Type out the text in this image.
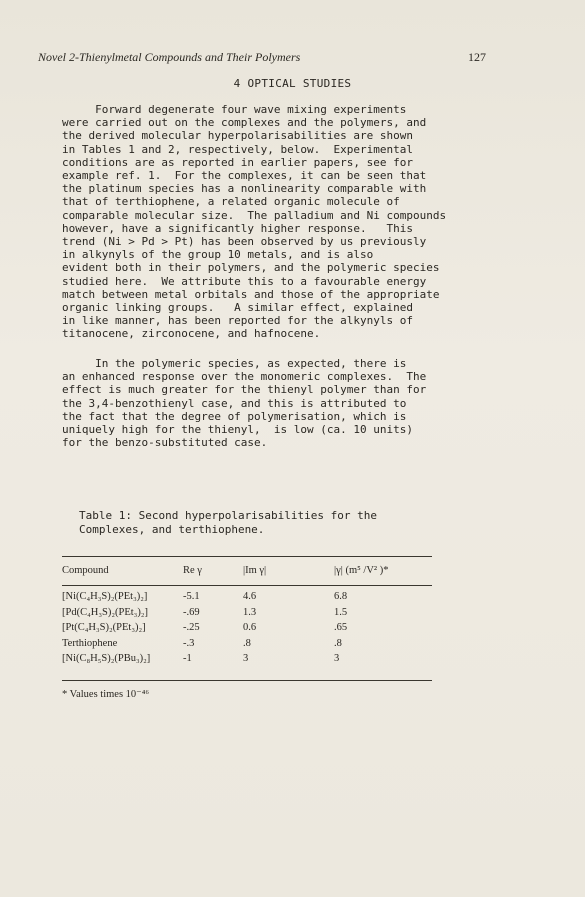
Novel 2-Thienylmetal Compounds and Their Polymers	127
4 OPTICAL STUDIES
Forward degenerate four wave mixing experiments
were carried out on the complexes and the polymers, and
the derived molecular hyperpolarisabilities are shown
in Tables 1 and 2, respectively, below.  Experimental
conditions are as reported in earlier papers, see for
example ref. 1.  For the complexes, it can be seen that
the platinum species has a nonlinearity comparable with
that of terthiophene, a related organic molecule of
comparable molecular size.  The palladium and Ni compounds
however, have a significantly higher response.   This
trend (Ni > Pd > Pt) has been observed by us previously
in alkynyls of the group 10 metals, and is also
evident both in their polymers, and the polymeric species
studied here.  We attribute this to a favourable energy
match between metal orbitals and those of the appropriate
organic linking groups.   A similar effect, explained
in like manner, has been reported for the alkynyls of
titanocene, zirconocene, and hafnocene.
In the polymeric species, as expected, there is
an enhanced response over the monomeric complexes.  The
effect is much greater for the thienyl polymer than for
the 3,4-benzothienyl case, and this is attributed to
the fact that the degree of polymerisation, which is
uniquely high for the thienyl,  is low (ca. 10 units)
for the benzo-substituted case.
Table 1: Second hyperpolarisabilities for the
Complexes, and terthiophene.
Compound	Re γ	|Im γ|	|γ| (m⁵ /V² )*
[Ni(C₄H₃S)₂(PEt₃)₂]	-5.1	4.6	6.8
[Pd(C₄H₃S)₂(PEt₃)₂]	-.69	1.3	1.5
[Pt(C₄H₃S)₂(PEt₃)₂]	-.25	0.6	.65
Terthiophene	-.3	.8	.8
[Ni(C₈H₅S)₂(PBu₃)₂]	-1	3	3
* Values times 10⁻⁴⁶
